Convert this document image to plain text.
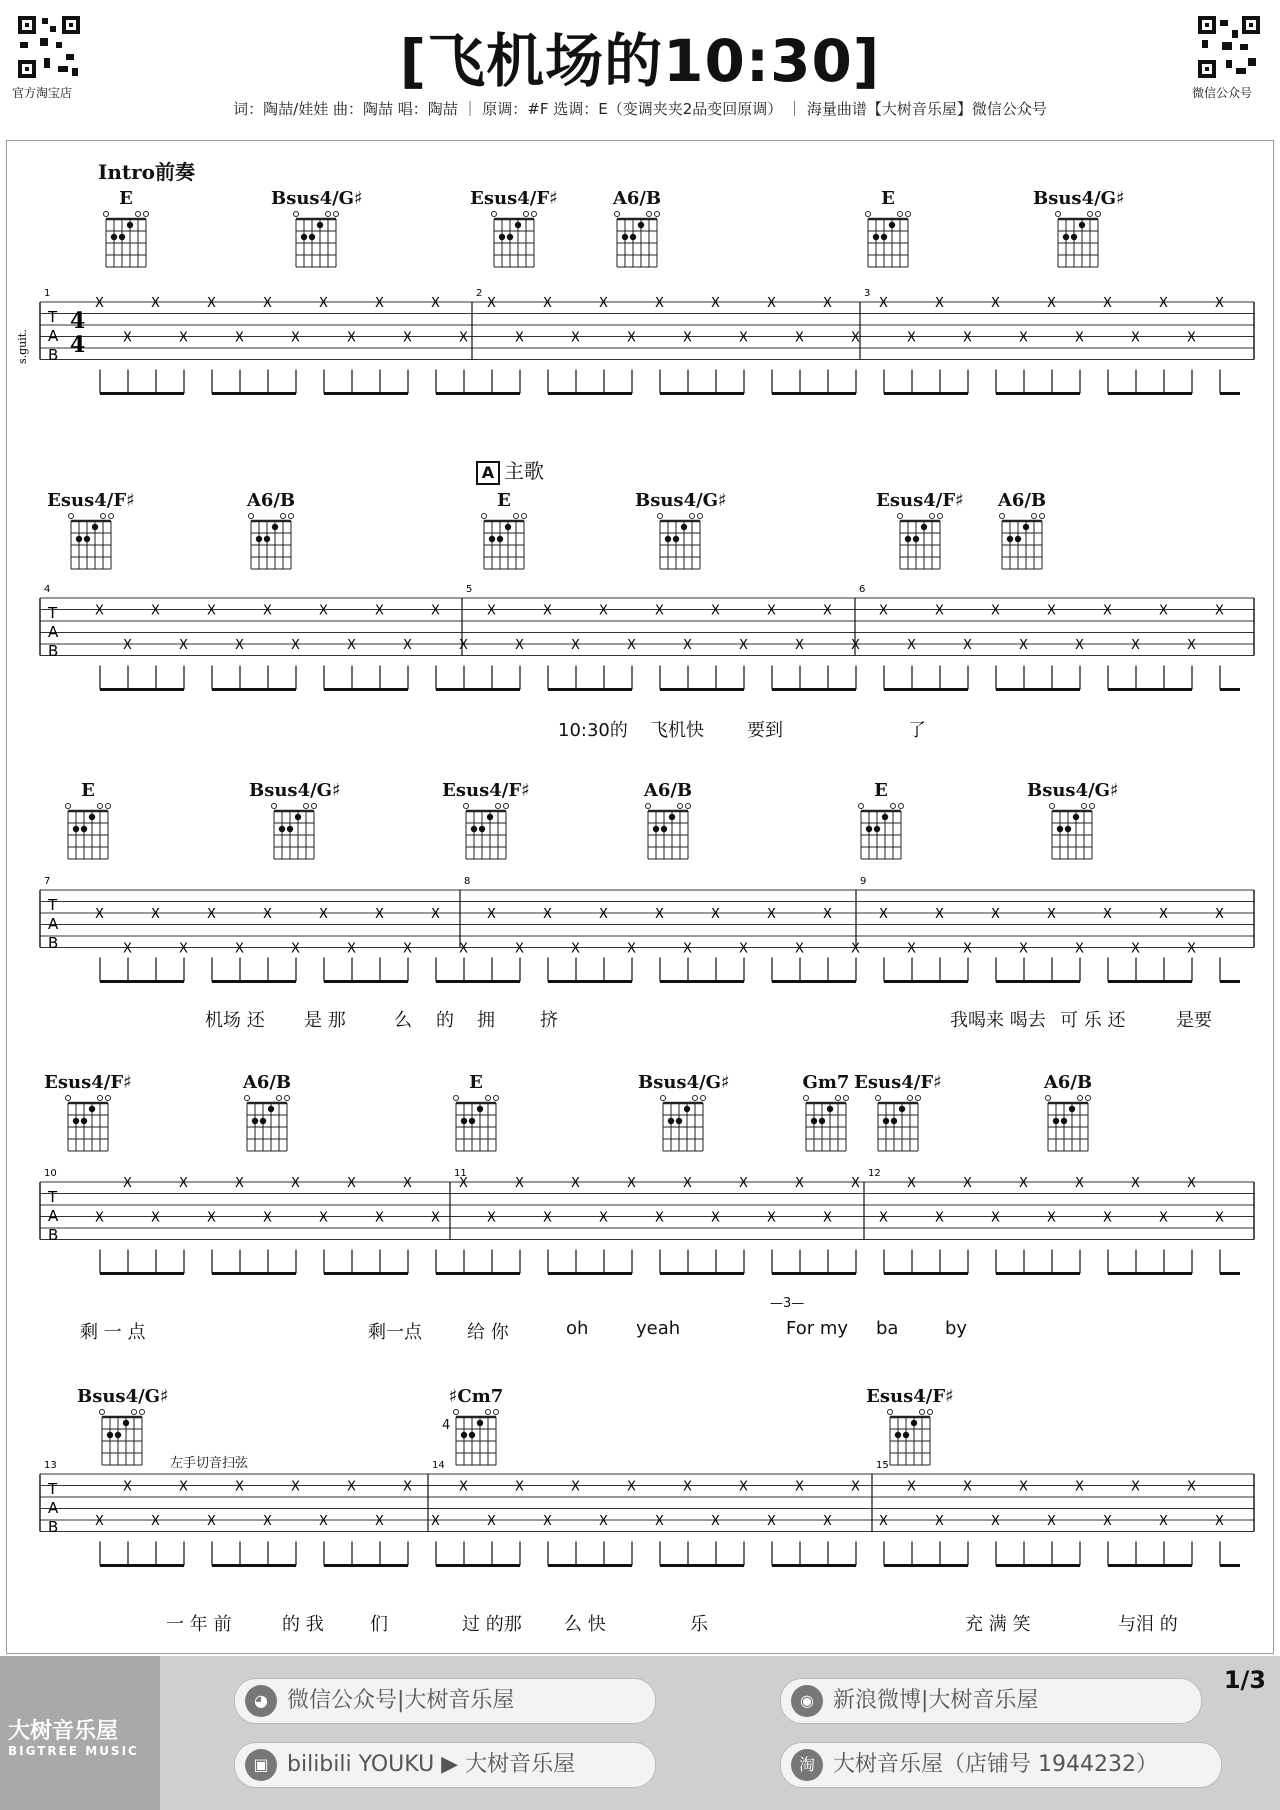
官方淘宝店	微信公众号
[飞机场的10:30]
词：陶喆/娃娃 曲：陶喆 唱：陶喆 ｜ 原调：#F 选调：E（变调夹夹2品变回原调） ｜ 海量曲谱【大树音乐屋】微信公众号
Intro前奏
A 主歌
T
A
B
1	2	3
X
X
X
X
X
X
X
X
X
X
X
X
X
X
X
X
X
X
X
X
X
X
X
X
X
X
X
X
X
X
X
X
X
X
X
X
X
X
X
X
X
T
A
B
4	5	6
X
X
X
X
X
X
X
X
X
X
X
X
X
X
X
X
X
X
X
X
X
X
X
X
X
X
X
X
X
X
X
X
X
X
X
X
X
X
X
X
X
T
A
B
7	8	9
X
X
X
X
X
X
X
X
X
X
X
X
X
X
X
X
X
X
X
X
X
X
X
X
X
X
X
X
X
X
X
X
X
X
X
X
X
X
X
X
X
T
A
B
10	11	12
X
X
X
X
X
X
X
X
X
X
X
X
X
X
X
X
X
X
X
X
X
X
X
X
X
X
X
X
X
X
X
X
X
X
X
X
X
X
X
X
X
T
A
B
13	14	15
X
X
X
X
X
X
X
X
X
X
X
X
X
X
X
X
X
X
X
X
X
X
X
X
X
X
X
X
X
X
X
X
X
X
X
X
X
X
X
X
X
4
4
s.guit.
E	Bsus4/G♯	Esus4/F♯	A6/B	E	Bsus4/G♯
Esus4/F♯	A6/B	E	Bsus4/G♯	Esus4/F♯	A6/B
E	Bsus4/G♯	Esus4/F♯	A6/B	E	Bsus4/G♯
Esus4/F♯	A6/B	E	Bsus4/G♯	Gm7 Esus4/F♯	A6/B
Bsus4/G♯	♯Cm7	Esus4/F♯
4
10:30的 飞机快 要到	了
机场 还 是 那	么 的 拥	挤	我喝来 喝去 可 乐 还	是要
剩 一 点	剩一点	给 你	oh	yeah	For my ba	by
一 年 前	的 我	们	过 的那 么 快	乐	充 满 笑	与泪 的
左手切音扫弦
—3—
大树音乐屋
BIGTREE MUSIC
◕ 微信公众号|大树音乐屋	◉ 新浪微博|大树音乐屋
▣ bilibili YOUKU ▶ 大树音乐屋	淘 大树音乐屋（店铺号 1944232）
1/3
